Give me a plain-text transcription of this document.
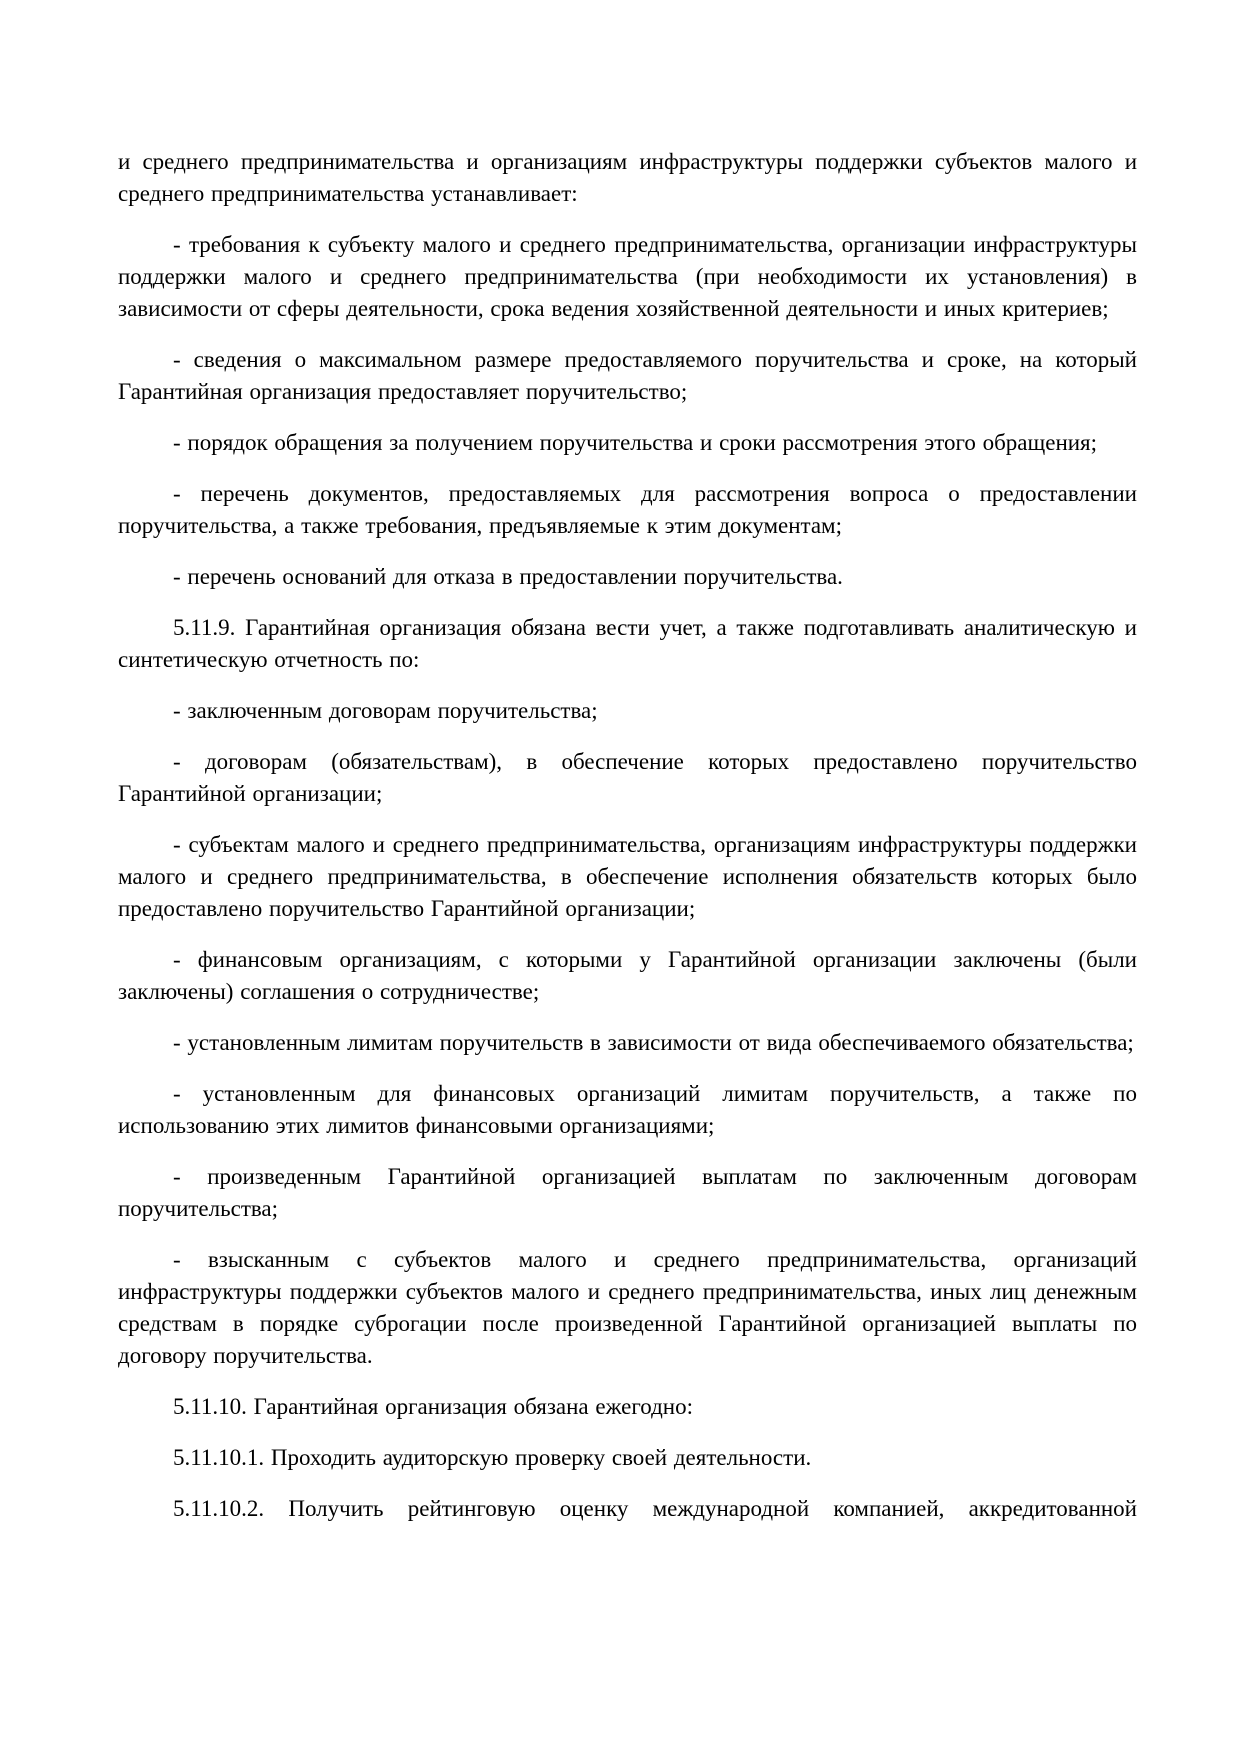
и среднего предпринимательства и организациям инфраструктуры поддержки субъектов малого и среднего предпринимательства устанавливает:

- требования к субъекту малого и среднего предпринимательства, организации инфраструктуры поддержки малого и среднего предпринимательства (при необходимости их установления) в зависимости от сферы деятельности, срока ведения хозяйственной деятельности и иных критериев;

- сведения о максимальном размере предоставляемого поручительства и сроке, на который Гарантийная организация предоставляет поручительство;

- порядок обращения за получением поручительства и сроки рассмотрения этого обращения;

- перечень документов, предоставляемых для рассмотрения вопроса о предоставлении поручительства, а также требования, предъявляемые к этим документам;

- перечень оснований для отказа в предоставлении поручительства.

5.11.9. Гарантийная организация обязана вести учет, а также подготавливать аналитическую и синтетическую отчетность по:

- заключенным договорам поручительства;

- договорам (обязательствам), в обеспечение которых предоставлено поручительство Гарантийной организации;

- субъектам малого и среднего предпринимательства, организациям инфраструктуры поддержки малого и среднего предпринимательства, в обеспечение исполнения обязательств которых было предоставлено поручительство Гарантийной организации;

- финансовым организациям, с которыми у Гарантийной организации заключены (были заключены) соглашения о сотрудничестве;

- установленным лимитам поручительств в зависимости от вида обеспечиваемого обязательства;

- установленным для финансовых организаций лимитам поручительств, а также по использованию этих лимитов финансовыми организациями;

- произведенным Гарантийной организацией выплатам по заключенным договорам поручительства;

- взысканным с субъектов малого и среднего предпринимательства, организаций инфраструктуры поддержки субъектов малого и среднего предпринимательства, иных лиц денежным средствам в порядке суброгации после произведенной Гарантийной организацией выплаты по договору поручительства.

5.11.10. Гарантийная организация обязана ежегодно:

5.11.10.1. Проходить аудиторскую проверку своей деятельности.

5.11.10.2. Получить рейтинговую оценку международной компанией, аккредитованной
